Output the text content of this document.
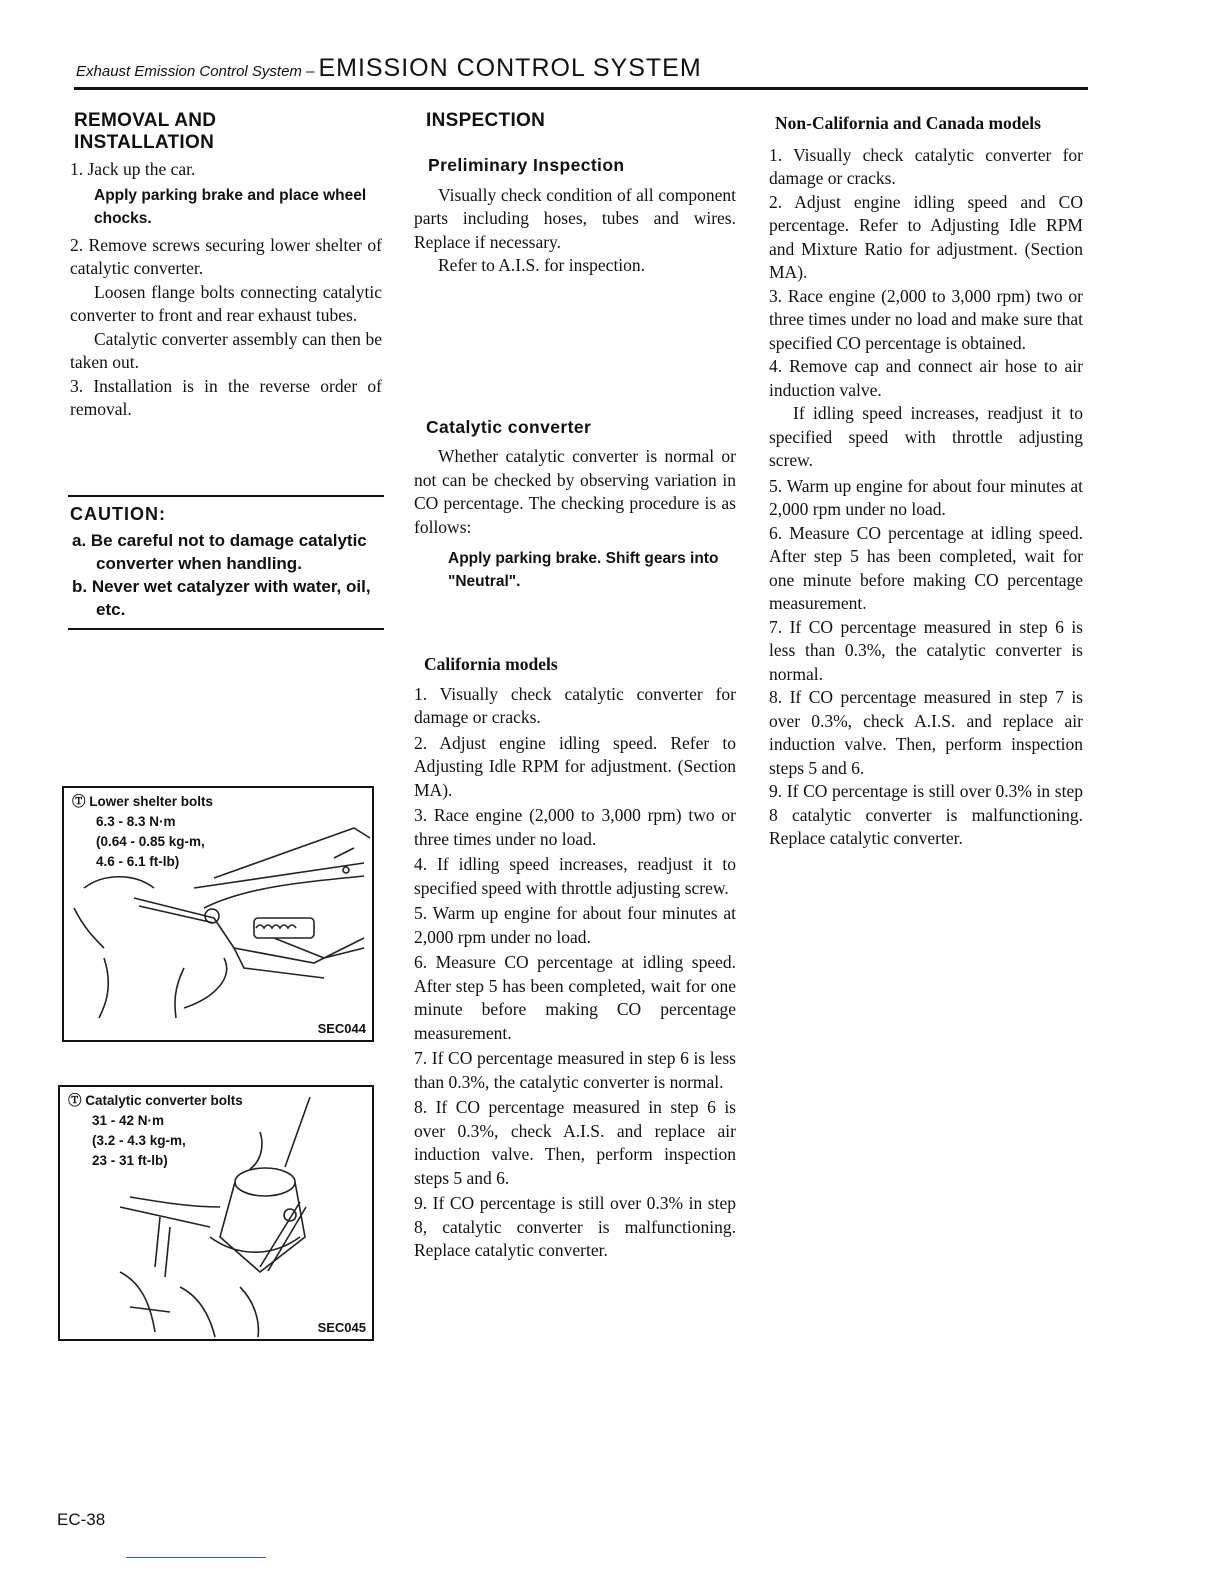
Exhaust Emission Control System – EMISSION CONTROL SYSTEM
REMOVAL AND INSTALLATION

1. Jack up the car.

Apply parking brake and place wheel chocks.

2. Remove screws securing lower shelter of catalytic converter.

Loosen flange bolts connecting catalytic converter to front and rear exhaust tubes.

Catalytic converter assembly can then be taken out.

3. Installation is in the reverse order of removal.

CAUTION:
a. Be careful not to damage catalytic converter when handling.
b. Never wet catalyzer with water, oil, etc.
Ⓣ Lower shelter bolts
6.3 - 8.3 N·m
(0.64 - 0.85 kg-m,
4.6 - 6.1 ft-lb)
SEC044
Ⓣ Catalytic converter bolts
31 - 42 N·m
(3.2 - 4.3 kg-m,
23 - 31 ft-lb)
SEC045
INSPECTION
Preliminary Inspection

Visually check condition of all component parts including hoses, tubes and wires. Replace if necessary.

Refer to A.I.S. for inspection.

Catalytic converter

Whether catalytic converter is normal or not can be checked by observing variation in CO percentage. The checking procedure is as follows:

Apply parking brake. Shift gears into "Neutral".
California models

1. Visually check catalytic converter for damage or cracks.

2. Adjust engine idling speed. Refer to Adjusting Idle RPM for adjustment. (Section MA).

3. Race engine (2,000 to 3,000 rpm) two or three times under no load.

4. If idling speed increases, readjust it to specified speed with throttle adjusting screw.

5. Warm up engine for about four minutes at 2,000 rpm under no load.

6. Measure CO percentage at idling speed. After step 5 has been completed, wait for one minute before making CO percentage measurement.

7. If CO percentage measured in step 6 is less than 0.3%, the catalytic converter is normal.

8. If CO percentage measured in step 6 is over 0.3%, check A.I.S. and replace air induction valve. Then, perform inspection steps 5 and 6.

9. If CO percentage is still over 0.3% in step 8, catalytic converter is malfunctioning. Replace catalytic converter.

Non-California and Canada models

1. Visually check catalytic converter for damage or cracks.

2. Adjust engine idling speed and CO percentage. Refer to Adjusting Idle RPM and Mixture Ratio for adjustment. (Section MA).

3. Race engine (2,000 to 3,000 rpm) two or three times under no load and make sure that specified CO percentage is obtained.

4. Remove cap and connect air hose to air induction valve.

If idling speed increases, readjust it to specified speed with throttle adjusting screw.

5. Warm up engine for about four minutes at 2,000 rpm under no load.

6. Measure CO percentage at idling speed. After step 5 has been completed, wait for one minute before making CO percentage measurement.

7. If CO percentage measured in step 6 is less than 0.3%, the catalytic converter is normal.

8. If CO percentage measured in step 7 is over 0.3%, check A.I.S. and replace air induction valve. Then, perform inspection steps 5 and 6.

9. If CO percentage is still over 0.3% in step 8 catalytic converter is malfunctioning. Replace catalytic converter.

EC-38
